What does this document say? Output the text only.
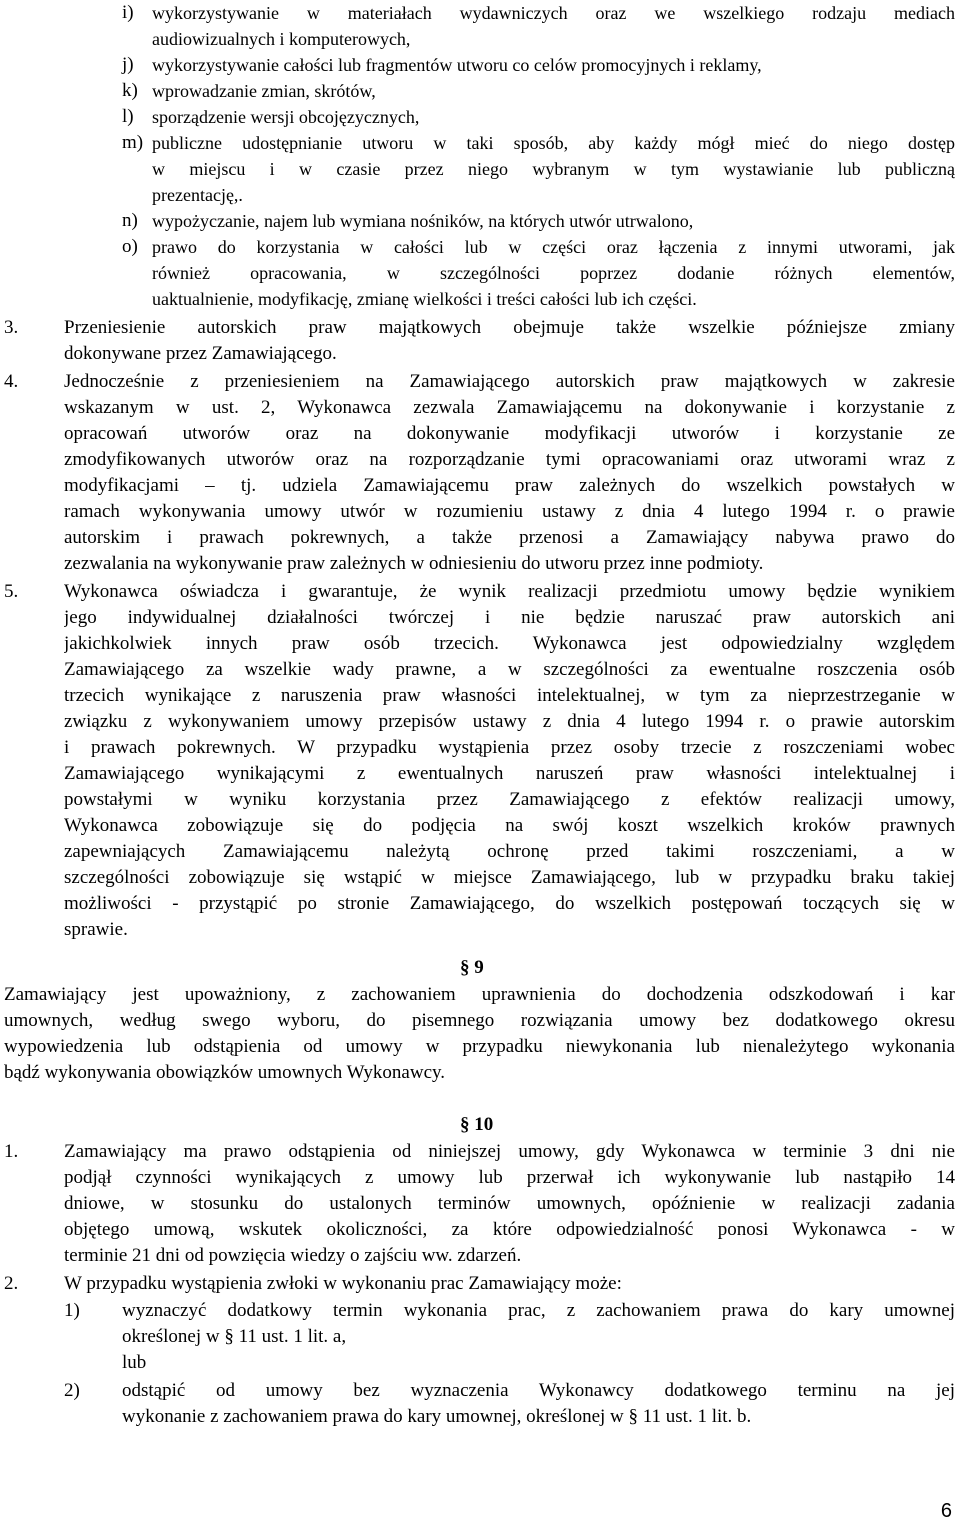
i) wykorzystywanie w materiałach wydawniczych oraz we wszelkiego rodzaju mediach
audiowizualnych i komputerowych,
j) wykorzystywanie całości lub fragmentów utworu co celów promocyjnych i reklamy,
k) wprowadzanie zmian, skrótów,
l) sporządzenie wersji obcojęzycznych,
m) publiczne udostępnianie utworu w taki sposób, aby każdy mógł mieć do niego dostęp
w miejscu i w czasie przez niego wybranym w tym wystawianie lub publiczną
prezentację,.
n) wypożyczanie, najem lub wymiana nośników, na których utwór utrwalono,
o) prawo do korzystania w całości lub w części oraz łączenia z innymi utworami, jak
również opracowania, w szczególności poprzez dodanie różnych elementów,
uaktualnienie, modyfikację, zmianę wielkości i treści całości lub ich części.
3. Przeniesienie autorskich praw majątkowych obejmuje także wszelkie późniejsze zmiany
dokonywane przez Zamawiającego.
4. Jednocześnie z przeniesieniem na Zamawiającego autorskich praw majątkowych w zakresie
wskazanym w ust. 2, Wykonawca zezwala Zamawiającemu na dokonywanie i korzystanie z
opracowań utworów oraz na dokonywanie modyfikacji utworów i korzystanie ze
zmodyfikowanych utworów oraz na rozporządzanie tymi opracowaniami oraz utworami wraz z
modyfikacjami – tj. udziela Zamawiającemu praw zależnych do wszelkich powstałych w
ramach wykonywania umowy utwór w rozumieniu ustawy z dnia 4 lutego 1994 r. o prawie
autorskim i prawach pokrewnych, a także przenosi a Zamawiający nabywa prawo do
zezwalania na wykonywanie praw zależnych w odniesieniu do utworu przez inne podmioty.
5. Wykonawca oświadcza i gwarantuje, że wynik realizacji przedmiotu umowy będzie wynikiem
jego indywidualnej działalności twórczej i nie będzie naruszać praw autorskich ani
jakichkolwiek innych praw osób trzecich. Wykonawca jest odpowiedzialny względem
Zamawiającego za wszelkie wady prawne, a w szczególności za ewentualne roszczenia osób
trzecich wynikające z naruszenia praw własności intelektualnej, w tym za nieprzestrzeganie w
związku z wykonywaniem umowy przepisów ustawy z dnia 4 lutego 1994 r. o prawie autorskim
i prawach pokrewnych. W przypadku wystąpienia przez osoby trzecie z roszczeniami wobec
Zamawiającego wynikającymi z ewentualnych naruszeń praw własności intelektualnej i
powstałymi w wyniku korzystania przez Zamawiającego z efektów realizacji umowy,
Wykonawca zobowiązuje się do podjęcia na swój koszt wszelkich kroków prawnych
zapewniających Zamawiającemu należytą ochronę przed takimi roszczeniami, a w
szczególności zobowiązuje się wstąpić w miejsce Zamawiającego, lub w przypadku braku takiej
możliwości - przystąpić po stronie Zamawiającego, do wszelkich postępowań toczących się w
sprawie.
§ 9
Zamawiający jest upoważniony, z zachowaniem uprawnienia do dochodzenia odszkodowań i kar
umownych, według swego wyboru, do pisemnego rozwiązania umowy bez dodatkowego okresu
wypowiedzenia lub odstąpienia od umowy w przypadku niewykonania lub nienależytego wykonania
bądź wykonywania obowiązków umownych Wykonawcy.
§ 10
1. Zamawiający ma prawo odstąpienia od niniejszej umowy, gdy Wykonawca w terminie 3 dni nie
podjął czynności wynikających z umowy lub przerwał ich wykonywanie lub nastąpiło 14
dniowe, w stosunku do ustalonych terminów umownych, opóźnienie w realizacji zadania
objętego umową, wskutek okoliczności, za które odpowiedzialność ponosi Wykonawca - w
terminie 21 dni od powzięcia wiedzy o zajściu ww. zdarzeń.
2. W przypadku wystąpienia zwłoki w wykonaniu prac Zamawiający może:
1) wyznaczyć dodatkowy termin wykonania prac, z zachowaniem prawa do kary umownej
określonej w § 11 ust. 1 lit. a,
lub
2) odstąpić od umowy bez wyznaczenia Wykonawcy dodatkowego terminu na jej
wykonanie z zachowaniem prawa do kary umownej, określonej w § 11 ust. 1 lit. b.
6
